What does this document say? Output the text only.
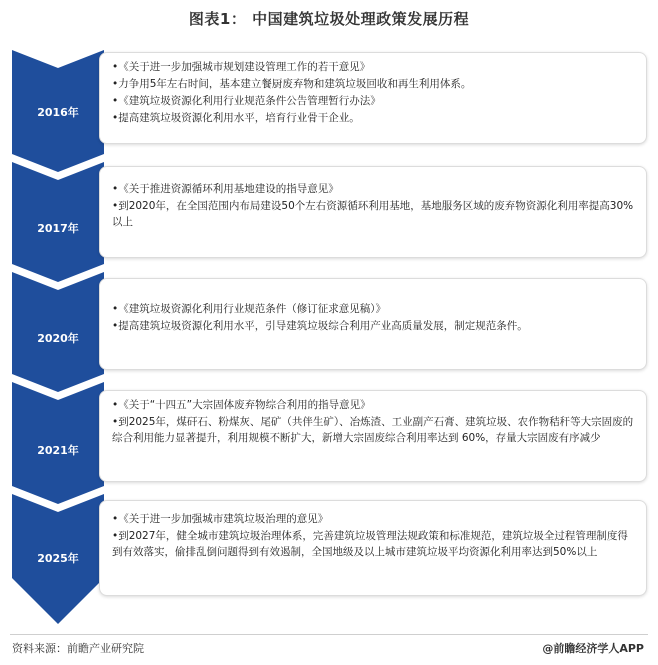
图表1： 中国建筑垃圾处理政策发展历程
2016年
•《关于进一步加强城市规划建设管理工作的若干意见》
•力争用5年左右时间，基本建立餐厨废弃物和建筑垃圾回收和再生利用体系。
•《建筑垃圾资源化利用行业规范条件公告管理暂行办法》
•提高建筑垃圾资源化利用水平，培育行业骨干企业。
2017年
•《关于推进资源循环利用基地建设的指导意见》
•到2020年，在全国范围内布局建设50个左右资源循环利用基地，基地服务区域的废弃物资源化利用率提高30%以上
2020年
•《建筑垃圾资源化利用行业规范条件（修订征求意见稿）》
•提高建筑垃圾资源化利用水平，引导建筑垃圾综合利用产业高质量发展，制定规范条件。
2021年
•《关于“十四五”大宗固体废弃物综合利用的指导意见》
•到2025年，煤矸石、粉煤灰、尾矿（共伴生矿）、冶炼渣、工业副产石膏、建筑垃圾、农作物秸秆等大宗固废的综合利用能力显著提升，利用规模不断扩大，新增大宗固废综合利用率达到 60%，存量大宗固废有序减少
2025年
•《关于进一步加强城市建筑垃圾治理的意见》
•到2027年，健全城市建筑垃圾治理体系，完善建筑垃圾管理法规政策和标准规范，建筑垃圾全过程管理制度得到有效落实，偷排乱倒问题得到有效遏制，全国地级及以上城市建筑垃圾平均资源化利用率达到50%以上
资料来源：前瞻产业研究院	@前瞻经济学人APP
